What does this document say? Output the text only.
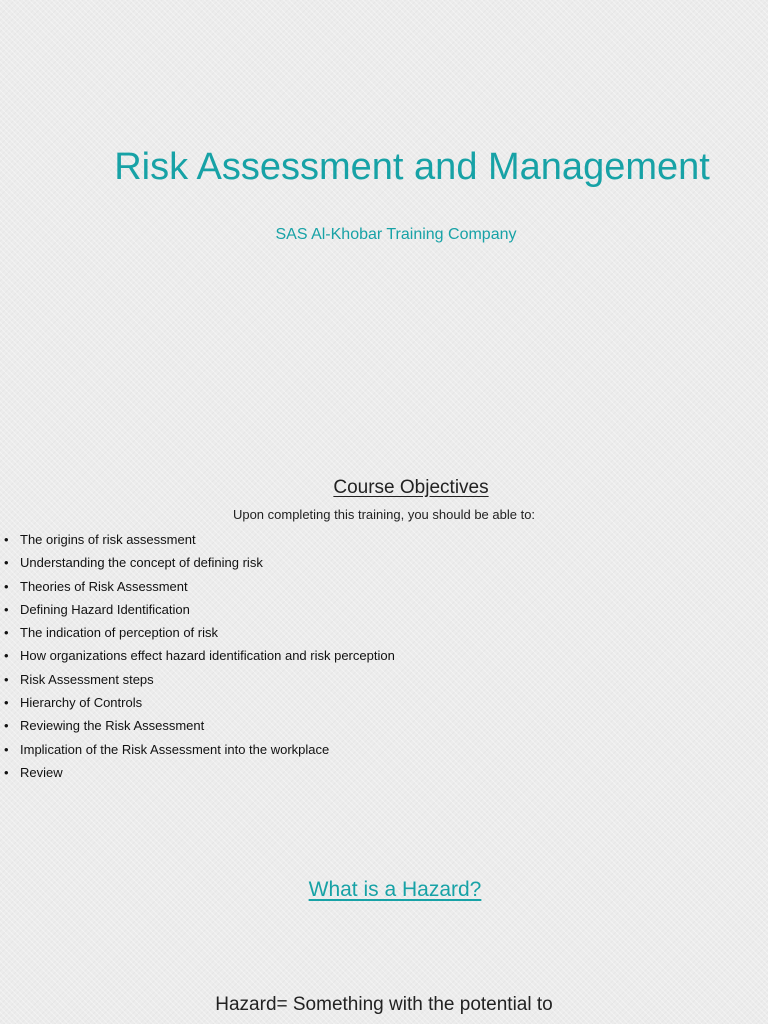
Risk Assessment and Management
SAS Al-Khobar Training Company
Course Objectives
Upon completing this training, you should be able to:
• The origins of risk assessment
• Understanding the concept of defining risk
• Theories of Risk Assessment
• Defining Hazard Identification
• The indication of perception of risk
• How organizations effect hazard identification and risk perception
• Risk Assessment steps
• Hierarchy of Controls
• Reviewing the Risk Assessment
• Implication of the Risk Assessment into the workplace
• Review
What is a Hazard?
Hazard= Something with the potential to
